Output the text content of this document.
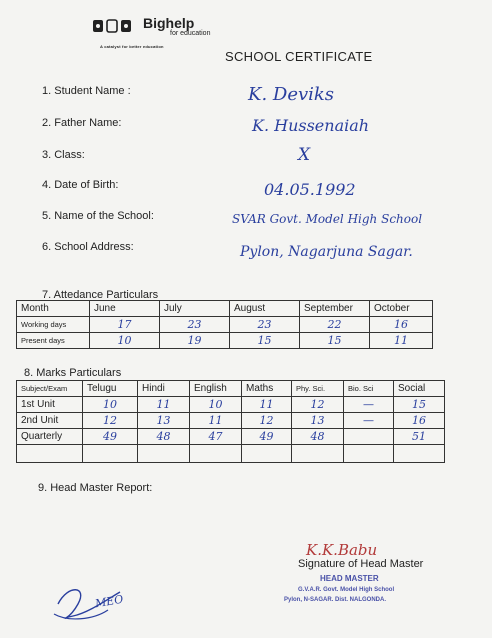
Bighelp
for education
A catalyst for better education
SCHOOL CERTIFICATE
1. Student Name :	K. Deviks
2. Father Name:	K. Hussenaiah
3. Class:	X
4. Date of Birth:	04.05.1992
5. Name of the School:	SVAR Govt. Model High School
6. School Address:	Pylon, Nagarjuna Sagar.
7. Attedance Particulars
Month	June	July	August	September	October
Working days	17	23	23	22	16
Present days	10	19	15	15	11
8. Marks Particulars
Subject/Exam	Telugu	Hindi	English	Maths	Phy. Sci.	Bio. Sci	Social
1st Unit	10	11	10	11	12	—	15
2nd Unit	12	13	11	12	13	—	16
Quarterly	49	48	47	49	48		51

9. Head Master Report:
K.K.Babu
Signature of Head Master
HEAD MASTER
G.V.A.R. Govt. Model High School
Pylon, N-SAGAR. Dist. NALGONDA.
MEO
